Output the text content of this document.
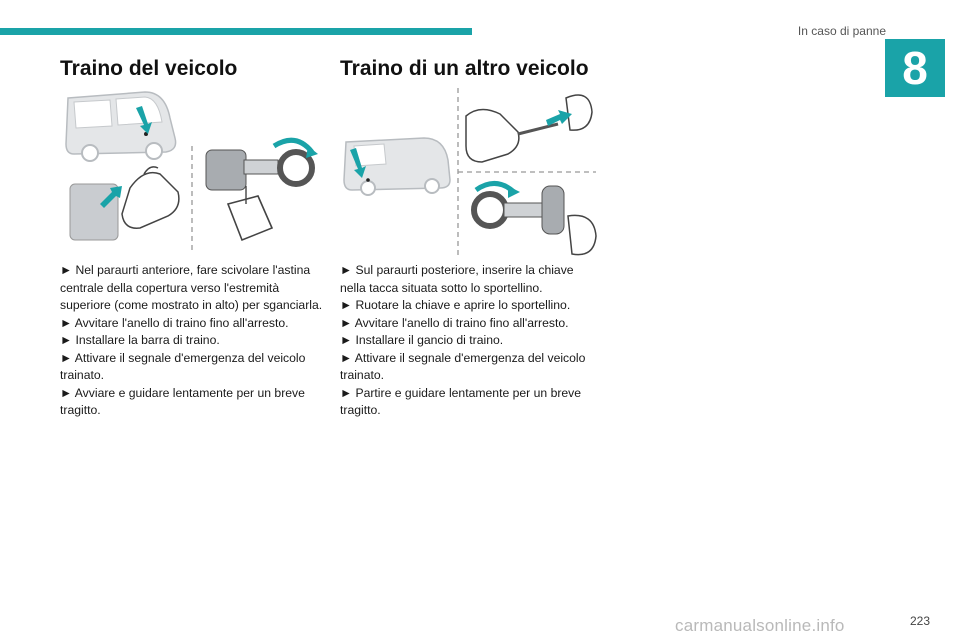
In caso di panne
8
Traino del veicolo	Traino di un altro veicolo
► Nel paraurti anteriore, fare scivolare l'astina centrale della copertura verso l'estremità superiore (come mostrato in alto) per sganciarla.
► Avvitare l'anello di traino fino all'arresto.
► Installare la barra di traino.
► Attivare il segnale d'emergenza del veicolo trainato.
► Avviare e guidare lentamente per un breve tragitto.
► Sul paraurti posteriore, inserire la chiave nella tacca situata sotto lo sportellino.
► Ruotare la chiave e aprire lo sportellino.
► Avvitare l'anello di traino fino all'arresto.
► Installare il gancio di traino.
► Attivare il segnale d'emergenza del veicolo trainato.
► Partire e guidare lentamente per un breve tragitto.
carmanualsonline.info	223
